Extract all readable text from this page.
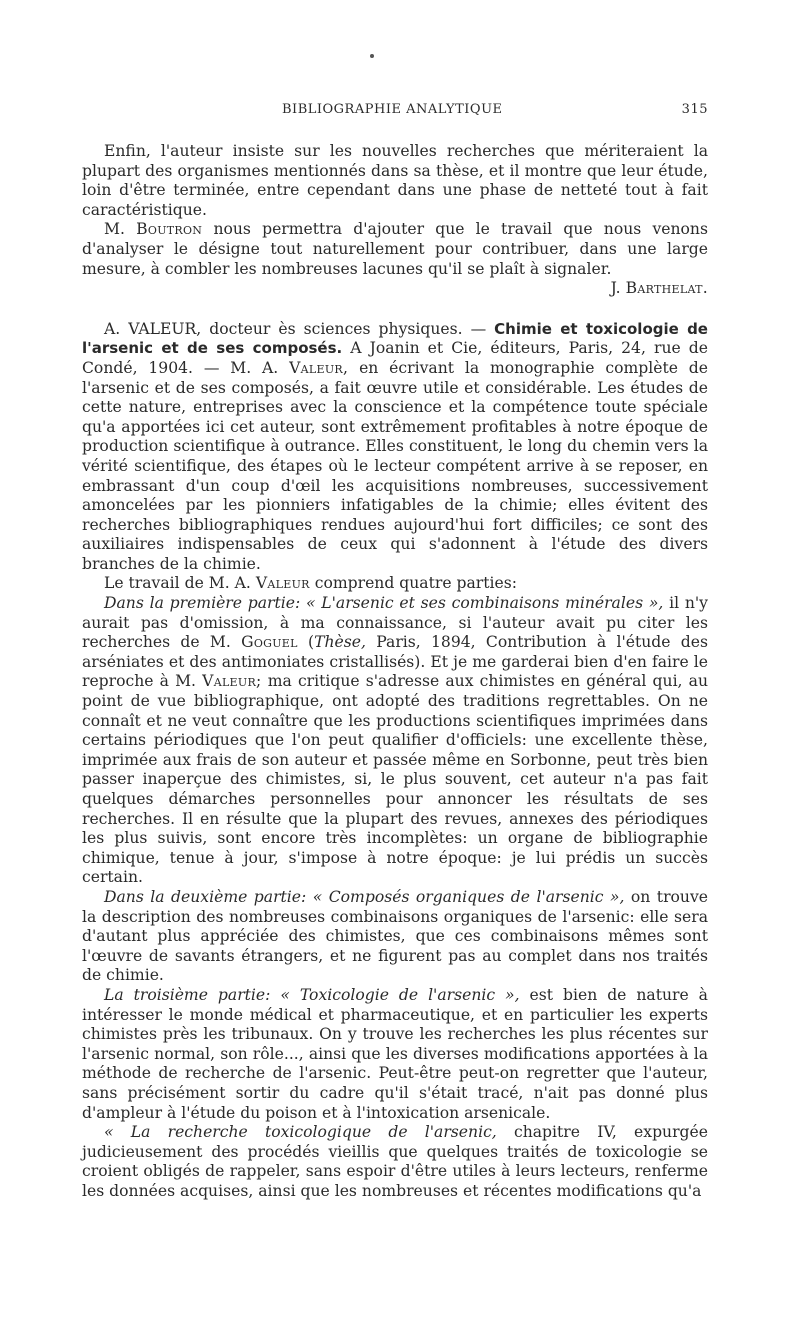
BIBLIOGRAPHIE ANALYTIQUE	315

Enfin, l'auteur insiste sur les nouvelles recherches que mériteraient la plupart des organismes mentionnés dans sa thèse, et il montre que leur étude, loin d'être terminée, entre cependant dans une phase de netteté tout à fait caractéristique.

M. Boutron nous permettra d'ajouter que le travail que nous venons d'analyser le désigne tout naturellement pour contribuer, dans une large mesure, à combler les nombreuses lacunes qu'il se plaît à signaler.

J. Barthelat.

A. VALEUR, docteur ès sciences physiques. — Chimie et toxicologie de l'arsenic et de ses composés. A Joanin et Cie, éditeurs, Paris, 24, rue de Condé, 1904. — M. A. Valeur, en écrivant la monographie complète de l'arsenic et de ses composés, a fait œuvre utile et considérable. Les études de cette nature, entreprises avec la conscience et la compétence toute spéciale qu'a apportées ici cet auteur, sont extrêmement profitables à notre époque de production scientifique à outrance. Elles constituent, le long du chemin vers la vérité scientifique, des étapes où le lecteur compétent arrive à se reposer, en embrassant d'un coup d'œil les acquisitions nombreuses, successivement amoncelées par les pionniers infatigables de la chimie; elles évitent des recherches bibliographiques rendues aujourd'hui fort difficiles; ce sont des auxiliaires indispensables de ceux qui s'adonnent à l'étude des divers branches de la chimie.

Le travail de M. A. Valeur comprend quatre parties:

Dans la première partie: « L'arsenic et ses combinaisons minérales », il n'y aurait pas d'omission, à ma connaissance, si l'auteur avait pu citer les recherches de M. Goguel (Thèse, Paris, 1894, Contribution à l'étude des arséniates et des antimoniates cristallisés). Et je me garderai bien d'en faire le reproche à M. Valeur; ma critique s'adresse aux chimistes en général qui, au point de vue bibliographique, ont adopté des traditions regrettables. On ne connaît et ne veut connaître que les productions scientifiques imprimées dans certains périodiques que l'on peut qualifier d'officiels: une excellente thèse, imprimée aux frais de son auteur et passée même en Sorbonne, peut très bien passer inaperçue des chimistes, si, le plus souvent, cet auteur n'a pas fait quelques démarches personnelles pour annoncer les résultats de ses recherches. Il en résulte que la plupart des revues, annexes des périodiques les plus suivis, sont encore très incomplètes: un organe de bibliographie chimique, tenue à jour, s'impose à notre époque: je lui prédis un succès certain.

Dans la deuxième partie: « Composés organiques de l'arsenic », on trouve la description des nombreuses combinaisons organiques de l'arsenic: elle sera d'autant plus appréciée des chimistes, que ces combinaisons mêmes sont l'œuvre de savants étrangers, et ne figurent pas au complet dans nos traités de chimie.

La troisième partie: « Toxicologie de l'arsenic », est bien de nature à intéresser le monde médical et pharmaceutique, et en particulier les experts chimistes près les tribunaux. On y trouve les recherches les plus récentes sur l'arsenic normal, son rôle..., ainsi que les diverses modifications apportées à la méthode de recherche de l'arsenic. Peut-être peut-on regretter que l'auteur, sans précisément sortir du cadre qu'il s'était tracé, n'ait pas donné plus d'ampleur à l'étude du poison et à l'intoxication arsenicale.

« La recherche toxicologique de l'arsenic, chapitre IV, expurgée judicieusement des procédés vieillis que quelques traités de toxicologie se croient obligés de rappeler, sans espoir d'être utiles à leurs lecteurs, renferme les données acquises, ainsi que les nombreuses et récentes modifications qu'a
